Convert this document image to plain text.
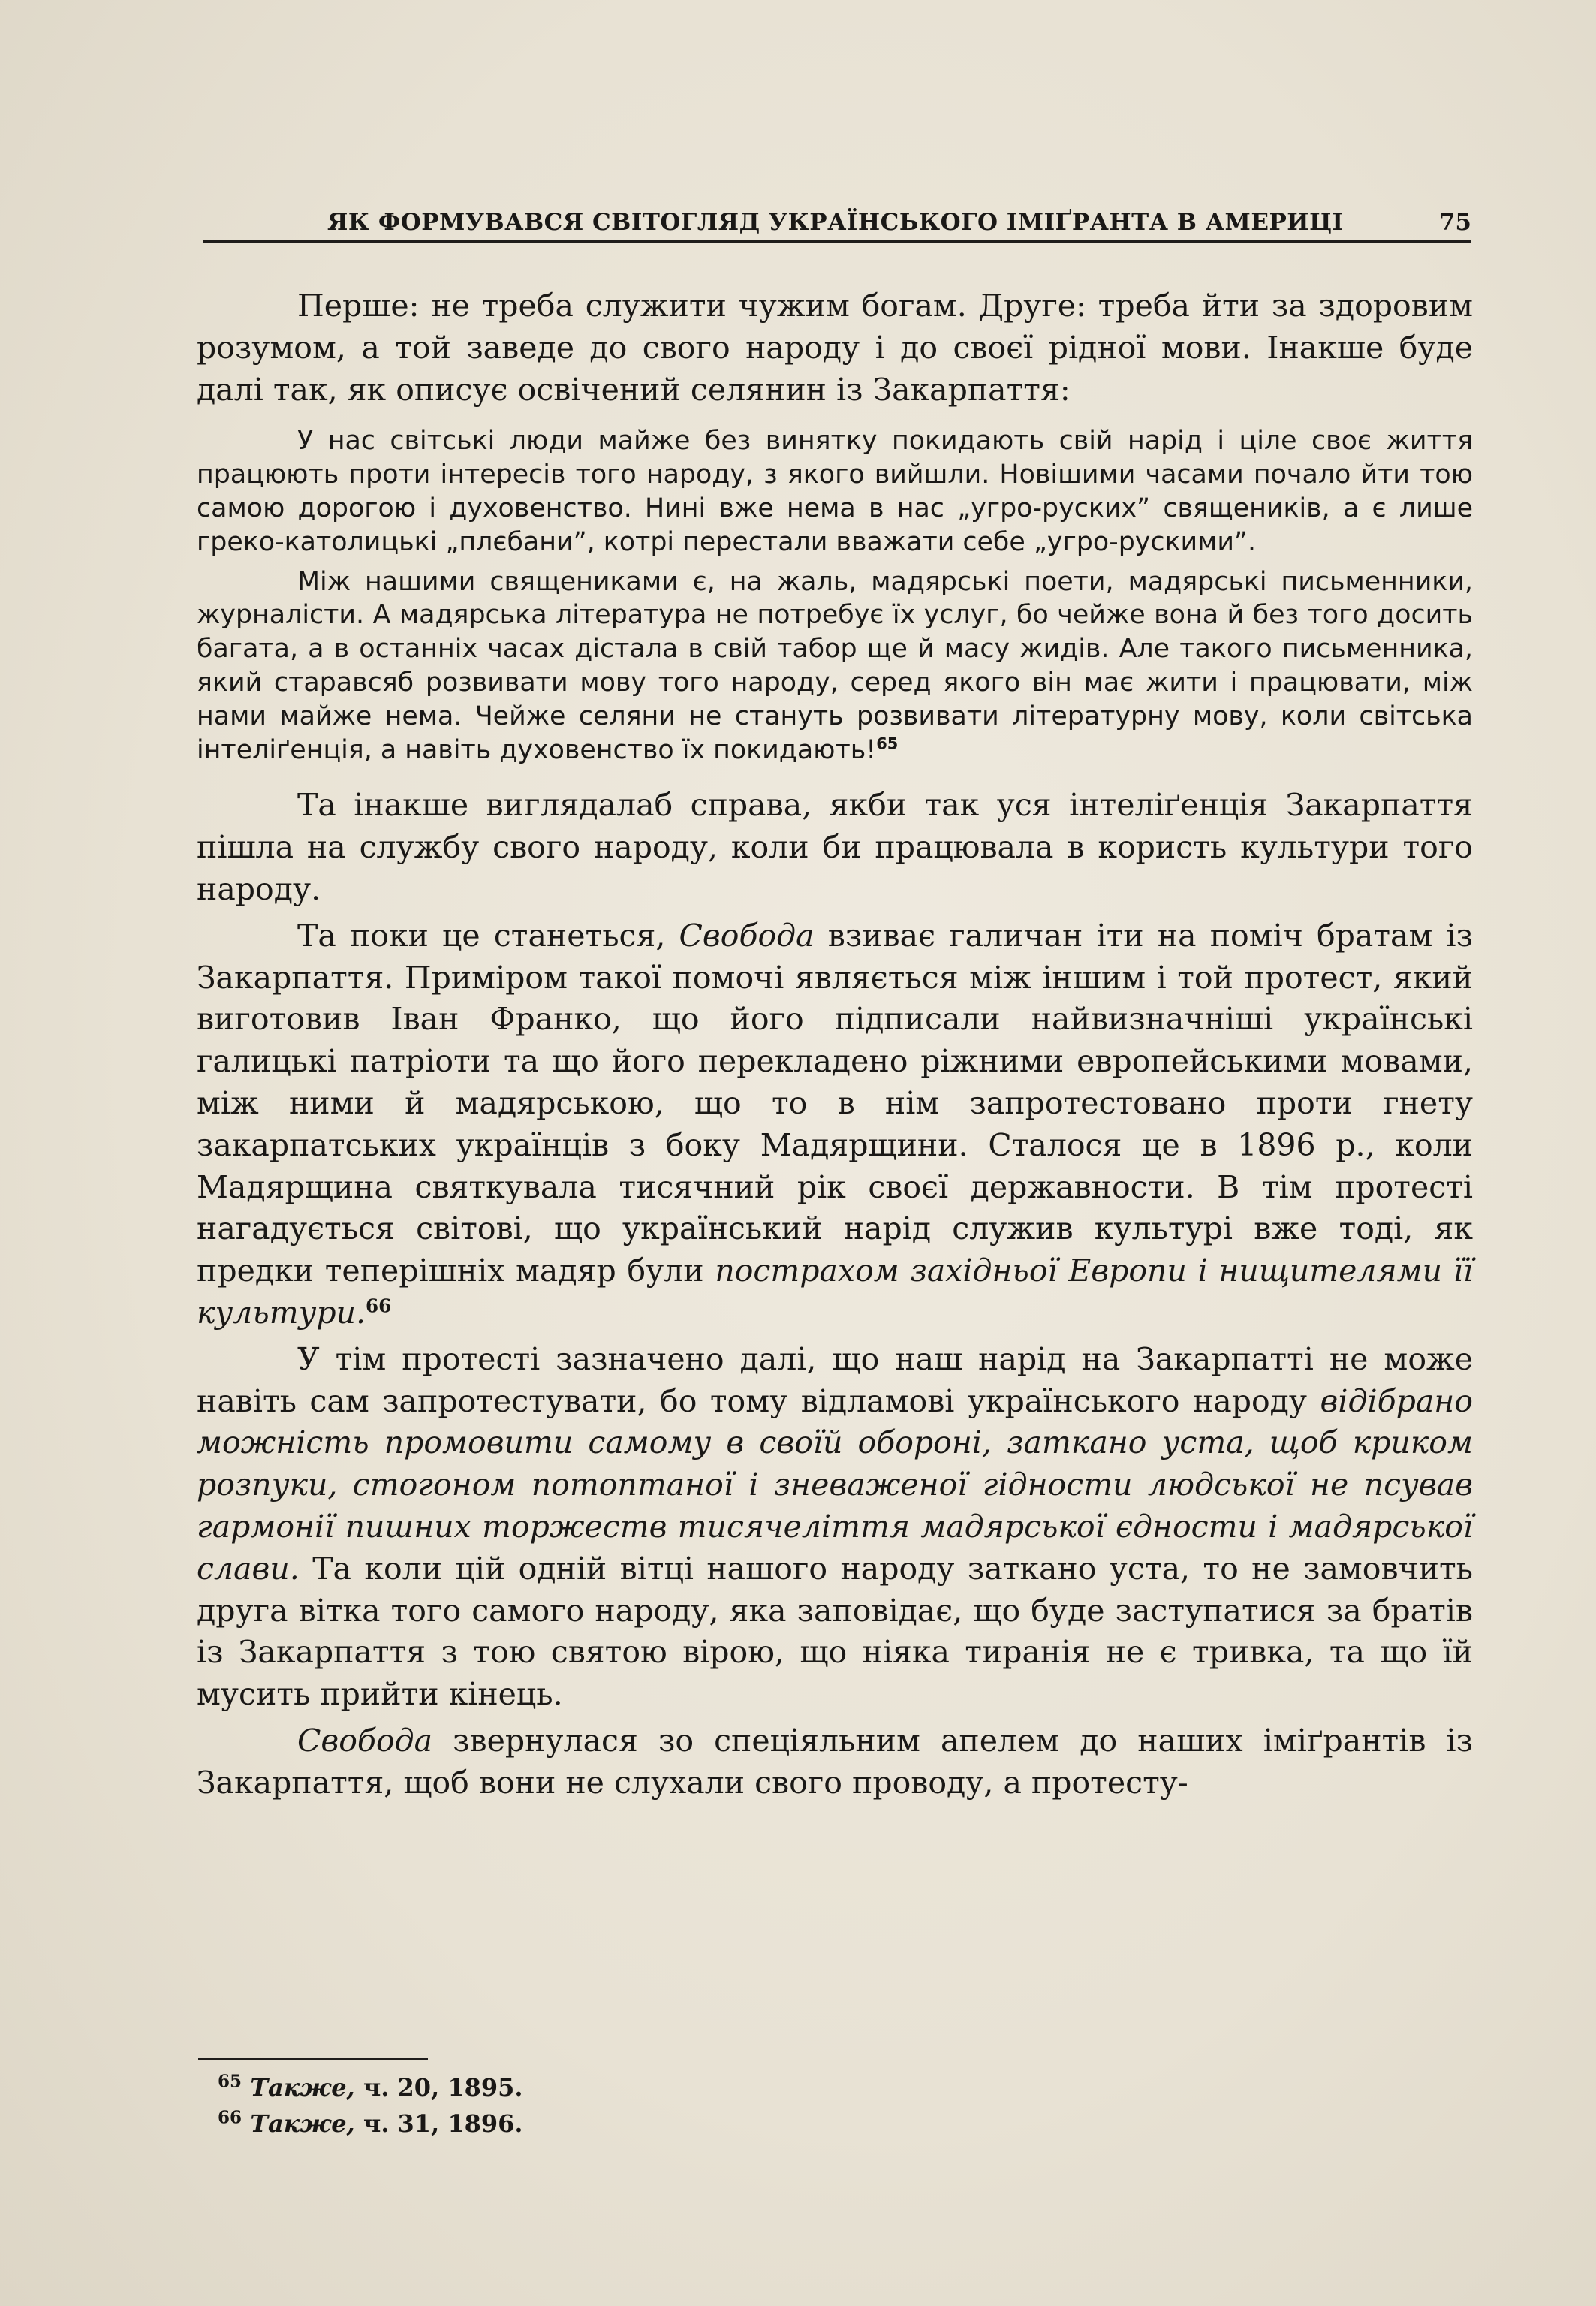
ЯК ФОРМУВАВСЯ СВІТОГЛЯД УКРАЇНСЬКОГО ІМІҐРАНТА В АМЕРИЦІ	75

Перше: не треба служити чужим богам. Друге: треба йти за здоровим розумом, а той заведе до свого народу і до своєї рідної мови. Інакше буде далі так, як описує освічений селянин із Закарпаття:

У нас світські люди майже без винятку покидають свій нарід і ціле своє життя працюють проти інтересів того народу, з якого вийшли. Новішими часами почало йти тою самою дорогою і духовенство. Нині вже нема в нас „угро-руских” священиків, а є лише греко-католицькі „плєбани”, котрі перестали вважати себе „угро-рускими”.

Між нашими священиками є, на жаль, мадярські поети, мадярські письменники, журналісти. А мадярська література не потребує їх услуг, бо чейже вона й без того досить багата, а в останніх часах дістала в свій табор ще й масу жидів. Але такого письменника, який старавсяб розвивати мову того народу, серед якого він має жити і працювати, між нами майже нема. Чейже селяни не стануть розвивати літературну мову, коли світська інтеліґенція, а навіть духовенство їх покидають!$^{65}$

Та інакше виглядалаб справа, якби так уся інтеліґенція Закарпаття пішла на службу свого народу, коли би працювала в користь культури того народу.

Та поки це станеться, Свобода взиває галичан іти на поміч братам із Закарпаття. Приміром такої помочі являється між іншим і той протест, який виготовив Іван Франко, що його підписали найвизначніші українські галицькі патріоти та що його перекладено ріжними европейськими мовами, між ними й мадярською, що то в нім запротестовано проти гнету закарпатських українців з боку Мадярщини. Сталося це в 1896 р., коли Мадярщина святкувала тисячний рік своєї державности. В тім протесті нагадується світові, що український нарід служив культурі вже тоді, як предки теперішніх мадяр були пострахом західньої Европи і нищителями її культури.$^{66}$

У тім протесті зазначено далі, що наш нарід на Закарпатті не може навіть сам запротестувати, бо тому відламові українського народу відібрано можність промовити самому в своїй обороні, заткано уста, щоб криком розпуки, стогоном потоптаної і зневаженої гідности людської не псував гармонії пишних торжеств тисячеліття мадярської єдности і мадярської слави. Та коли цій одній вітці нашого народу заткано уста, то не замовчить друга вітка того самого народу, яка заповідає, що буде заступатися за братів із Закарпаття з тою святою вірою, що ніяка тиранія не є тривка, та що їй мусить прийти кінець.

Свобода звернулася зо спеціяльним апелем до наших іміґрантів із Закарпаття, щоб вони не слухали свого проводу, а протесту-

$^{65}$ Также, ч. 20, 1895.
$^{66}$ Также, ч. 31, 1896.
